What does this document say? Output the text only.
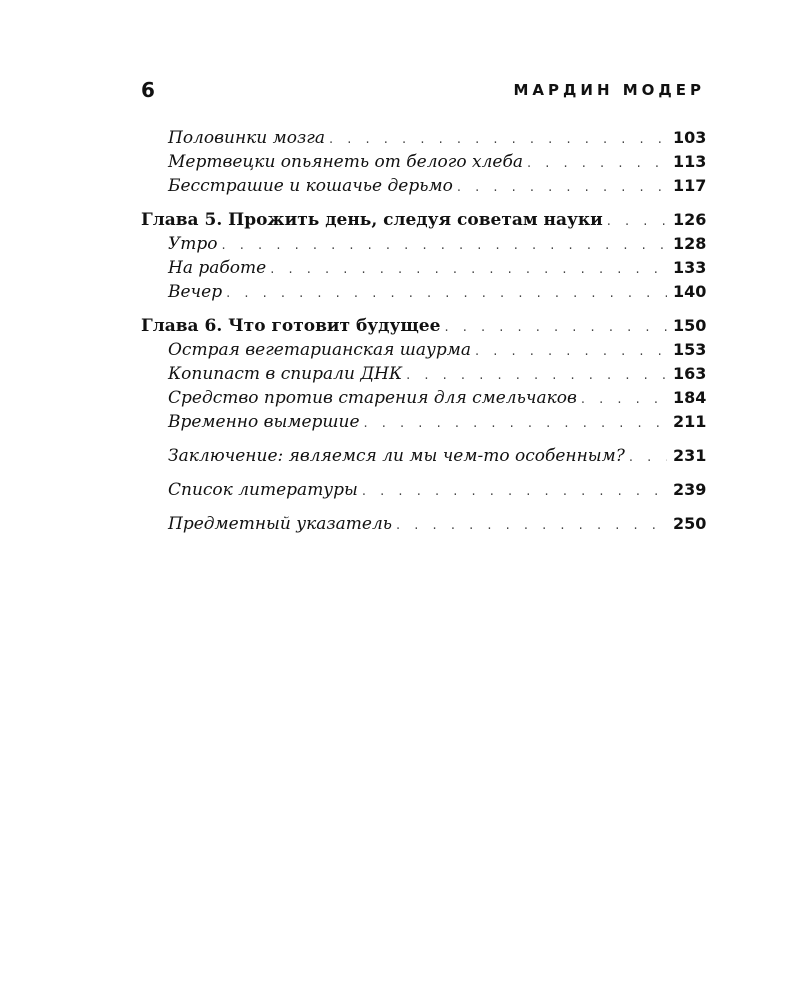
6	МАРДИН МОДЕР
Половинки мозга . . .	103
Мертвецки опьянеть от белого хлеба . . .	113
Бесстрашие и кошачье дерьмо . . .	117
Глава 5. Прожить день, следуя советам науки . . .	126
Утро . . .	128
На работе . . .	133
Вечер . . .	140
Глава 6. Что готовит будущее . . .	150
Острая вегетарианская шаурма . . .	153
Копипаст в спирали ДНК . . .	163
Средство против старения для смельчаков . . .	184
Временно вымершие . . .	211
Заключение: являемся ли мы чем-то особенным? . . .	231
Список литературы . . .	239
Предметный указатель . . .	250
